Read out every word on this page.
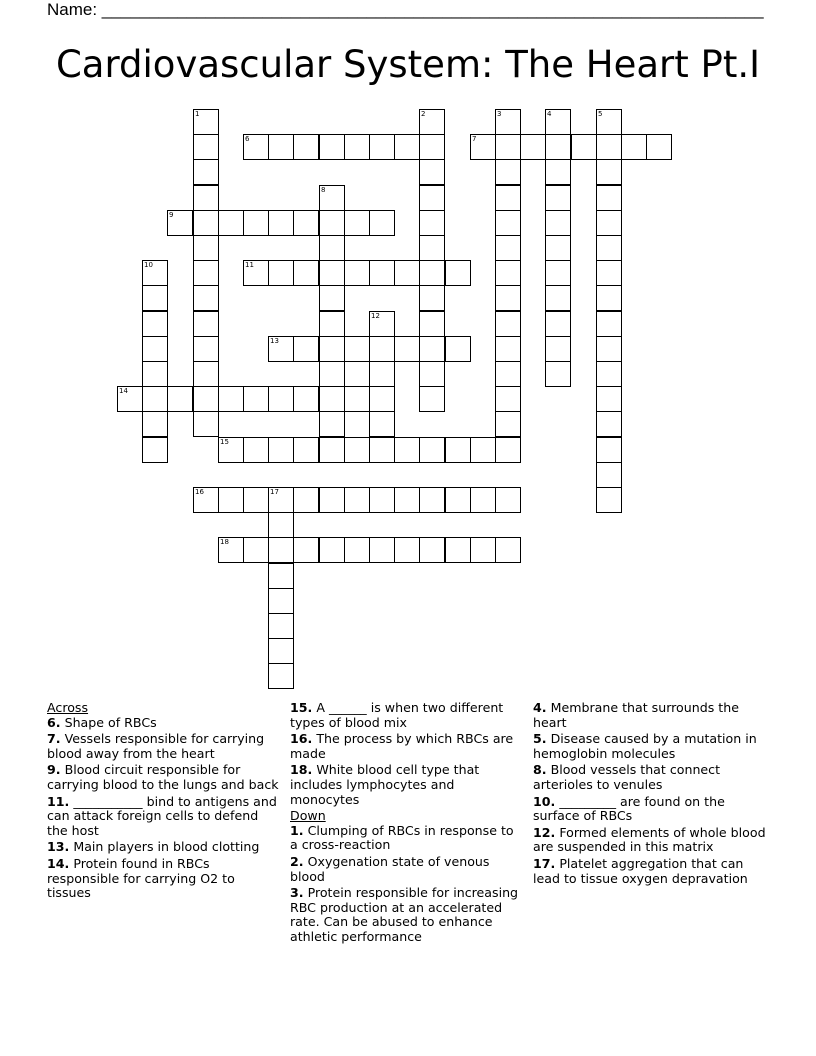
Name: ______________________________________________________________________
Cardiovascular System: The Heart Pt.I
1	2	3	4	5
6	7
8
9
10	11
12
13
14
15
16	17
18
Across
6. Shape of RBCs
7. Vessels responsible for carrying blood away from the heart
9. Blood circuit responsible for carrying blood to the lungs and back
11. ___________ bind to antigens and can attack foreign cells to defend the host
13. Main players in blood clotting
14. Protein found in RBCs responsible for carrying O2 to tissues
15. A ______ is when two different types of blood mix
16. The process by which RBCs are made
18. White blood cell type that includes lymphocytes and monocytes
Down
1. Clumping of RBCs in response to a cross-reaction
2. Oxygenation state of venous blood
3. Protein responsible for increasing RBC production at an accelerated rate. Can be abused to enhance athletic performance
4. Membrane that surrounds the heart
5. Disease caused by a mutation in hemoglobin molecules
8. Blood vessels that connect arterioles to venules
10. _________ are found on the surface of RBCs
12. Formed elements of whole blood are suspended in this matrix
17. Platelet aggregation that can lead to tissue oxygen depravation
